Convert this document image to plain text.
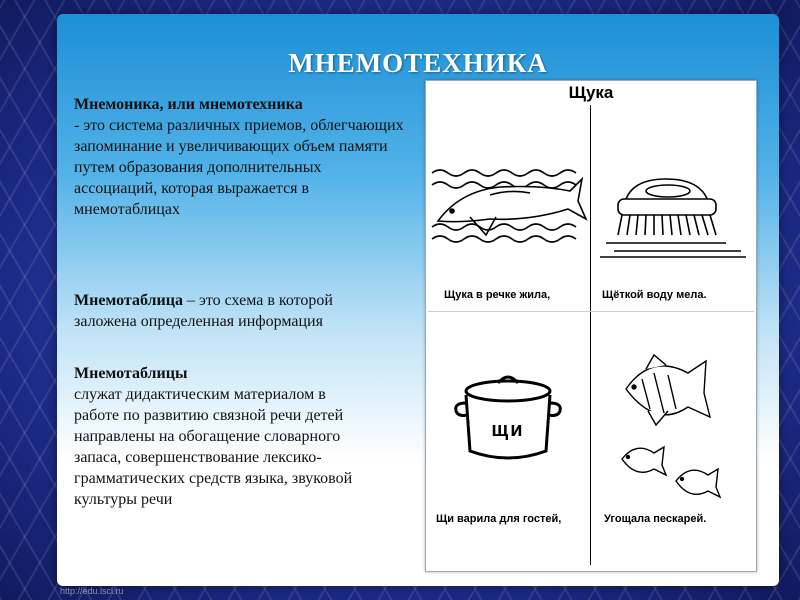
МНЕМОТЕХНИКА

Мнемоника, или мнемотехника
- это система различных приемов, облегчающих запоминание и увеличивающих объем памяти путем образования дополнительных ассоциаций, которая выражается в мнемотаблицах

Мнемотаблица – это схема в которой заложена определенная информация

Мнемотаблицы
служат дидактическим материалом в работе по развитию связной речи детей направлены на обогащение словарного запаса, совершенствование лексико-грамматических средств языка, звуковой культуры речи

Щука
щи
Щука в речке жила,	Щёткой воду мела.
Щи варила для гостей,	Угощала пескарей.
http://edu.lscl.ru
